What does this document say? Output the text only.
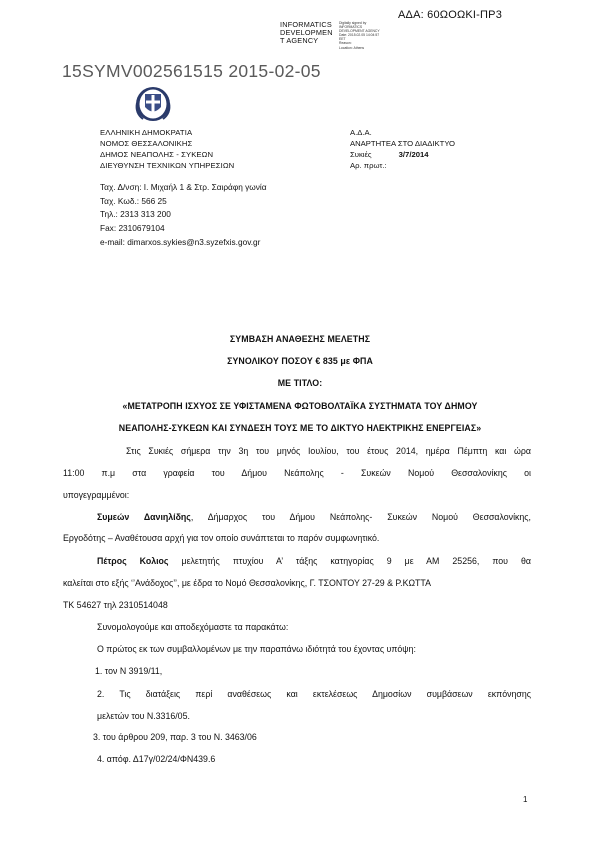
ΑΔΑ: 60ΩΟΩΚΙ-ΠΡ3
INFORMATICS
DEVELOPMEN
T AGENCY
Digitally signed by
INFORMATICS
DEVELOPMENT AGENCY
Date: 2015.02.05 14:04:57
EET
Reason:
Location: Athens
15SYMV002561515 2015-02-05
ΕΛΛΗΝΙΚΗ ΔΗΜΟΚΡΑΤΙΑ
ΝΟΜΟΣ ΘΕΣΣΑΛΟΝΙΚΗΣ
ΔΗΜΟΣ ΝΕΑΠΟΛΗΣ - ΣΥΚΕΩΝ
ΔΙΕΥΘΥΝΣΗ ΤΕΧΝΙΚΩΝ ΥΠΗΡΕΣΙΩΝ
Ταχ. Δ/νση: Ι. Μιχαήλ 1 & Στρ. Σαιράφη γωνία
Ταχ. Κωδ.: 566 25
Τηλ.: 2313 313 200
Fax: 2310679104
e-mail: dimarxos.sykies@n3.syzefxis.gov.gr
Α.Δ.Α.
ΑΝΑΡΤΗΤΕΑ ΣΤΟ ΔΙΑΔΙΚΤΥΟ
Συκιές	3/7/2014
Αρ. πρωτ.:
ΣΥΜΒΑΣΗ ΑΝΑΘΕΣΗΣ ΜΕΛΕΤΗΣ
ΣΥΝΟΛΙΚΟΥ ΠΟΣΟΥ € 835 με ΦΠΑ
ΜΕ ΤΙΤΛΟ:
«ΜΕΤΑΤΡΟΠΗ ΙΣΧΥΟΣ ΣΕ ΥΦΙΣΤΑΜΕΝΑ ΦΩΤΟΒΟΛΤΑΪΚΑ ΣΥΣΤΗΜΑΤΑ ΤΟΥ ΔΗΜΟΥ
ΝΕΑΠΟΛΗΣ-ΣΥΚΕΩΝ ΚΑΙ ΣΥΝΔΕΣΗ ΤΟΥΣ ΜΕ ΤΟ ΔΙΚΤΥΟ ΗΛΕΚΤΡΙΚΗΣ ΕΝΕΡΓΕΙΑΣ»
Στις Συκιές σήμερα την 3η του μηνός Ιουλίου, του έτους 2014, ημέρα Πέμπτη και ώρα
11:00 π.μ στα γραφεία του Δήμου Νεάπολης - Συκεών Νομού Θεσσαλονίκης οι
υπογεγραμμένοι:
Συμεών Δανιηλίδης, Δήμαρχος του Δήμου Νεάπολης- Συκεών Νομού Θεσσαλονίκης,
Εργοδότης – Αναθέτουσα αρχή για τον οποίο συνάπτεται το παρόν συμφωνητικό.
Πέτρος Κολιος μελετητής πτυχίου Α’ τάξης κατηγορίας 9 με ΑΜ 25256, που θα
καλείται στο εξής ‘’Ανάδοχος’’, με έδρα το Νομό Θεσσαλονίκης, Γ. ΤΣΟΝΤΟΥ 27-29 & Ρ.ΚΩΤΤΑ
ΤΚ 54627 τηλ 2310514048
Συνομολογούμε και αποδεχόμαστε τα παρακάτω:
Ο πρώτος εκ των συμβαλλομένων με την παραπάνω ιδιότητά του έχοντας υπόψη:
1. τον Ν 3919/11,
2. Τις διατάξεις περί αναθέσεως και εκτελέσεως Δημοσίων συμβάσεων εκπόνησης
μελετών του Ν.3316/05.
3. του άρθρου 209, παρ. 3 του Ν. 3463/06
4. απόφ. Δ17γ/02/24/ΦΝ439.6
1
